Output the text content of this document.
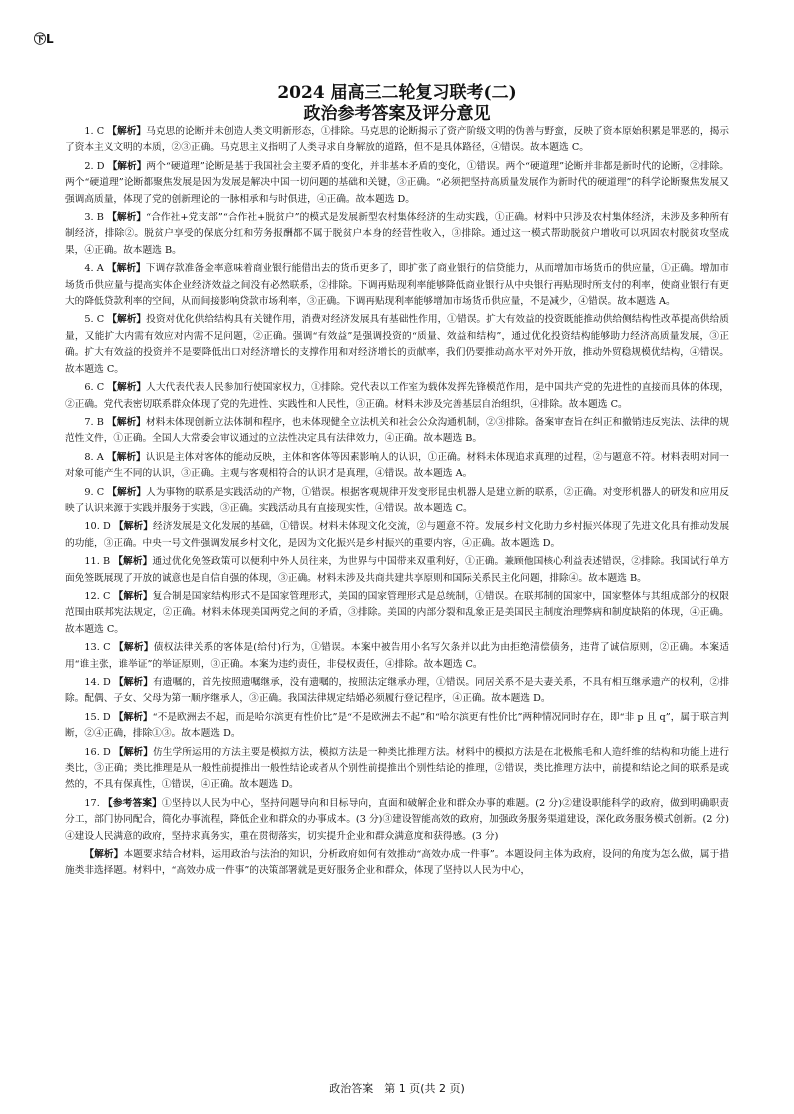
㊦L
2024 届高三二轮复习联考(二)
政治参考答案及评分意见

1. C 【解析】马克思的论断并未创造人类文明新形态，①排除。马克思的论断揭示了资产阶级文明的伪善与野蛮，反映了资本原始积累是罪恶的，揭示了资本主义文明的本质，②③正确。马克思主义指明了人类寻求自身解放的道路，但不是具体路径，④错误。故本题选 C。

2. D 【解析】两个“硬道理”论断是基于我国社会主要矛盾的变化，并非基本矛盾的变化，①错误。两个“硬道理”论断并非都是新时代的论断，②排除。两个“硬道理”论断都聚焦发展是因为发展是解决中国一切问题的基础和关键，③正确。“必须把坚持高质量发展作为新时代的硬道理”的科学论断聚焦发展又强调高质量，体现了党的创新理论的一脉相承和与时俱进，④正确。故本题选 D。

3. B 【解析】“合作社+党支部”“合作社+脱贫户”的模式是发展新型农村集体经济的生动实践，①正确。材料中只涉及农村集体经济，未涉及多种所有制经济，排除②。脱贫户享受的保底分红和劳务报酬都不属于脱贫户本身的经营性收入，③排除。通过这一模式帮助脱贫户增收可以巩固农村脱贫攻坚成果，④正确。故本题选 B。

4. A 【解析】下调存款准备金率意味着商业银行能借出去的货币更多了，即扩张了商业银行的信贷能力，从而增加市场货币的供应量，①正确。增加市场货币供应量与提高实体企业经济效益之间没有必然联系，②排除。下调再贴现利率能够降低商业银行从中央银行再贴现时所支付的利率，使商业银行有更大的降低贷款利率的空间，从而间接影响贷款市场利率，③正确。下调再贴现利率能够增加市场货币供应量，不是减少，④错误。故本题选 A。

5. C 【解析】投资对优化供给结构具有关键作用，消费对经济发展具有基础性作用，①错误。扩大有效益的投资既能推动供给侧结构性改革提高供给质量，又能扩大内需有效应对内需不足问题，②正确。强调“有效益”是强调投资的“质量、效益和结构”，通过优化投资结构能够助力经济高质量发展，③正确。扩大有效益的投资并不是要降低出口对经济增长的支撑作用和对经济增长的贡献率，我们仍要推动高水平对外开放，推动外贸稳规模优结构，④错误。故本题选 C。

6. C 【解析】人大代表代表人民参加行使国家权力，①排除。党代表以工作室为载体发挥先锋模范作用，是中国共产党的先进性的直接而具体的体现，②正确。党代表密切联系群众体现了党的先进性、实践性和人民性，③正确。材料未涉及完善基层自治组织，④排除。故本题选 C。

7. B 【解析】材料未体现创新立法体制和程序，也未体现健全立法机关和社会公众沟通机制，②③排除。备案审查旨在纠正和撤销违反宪法、法律的规范性文件，①正确。全国人大常委会审议通过的立法性决定具有法律效力，④正确。故本题选 B。

8. A 【解析】认识是主体对客体的能动反映，主体和客体等因素影响人的认识，①正确。材料未体现追求真理的过程，②与题意不符。材料表明对同一对象可能产生不同的认识，③正确。主观与客观相符合的认识才是真理，④错误。故本题选 A。

9. C 【解析】人为事物的联系是实践活动的产物，①错误。根据客观规律开发变形昆虫机器人是建立新的联系，②正确。对变形机器人的研发和应用反映了认识来源于实践并服务于实践，③正确。实践活动具有直接现实性，④错误。故本题选 C。

10. D 【解析】经济发展是文化发展的基础，①错误。材料未体现文化交流，②与题意不符。发展乡村文化助力乡村振兴体现了先进文化具有推动发展的功能，③正确。中央一号文件强调发展乡村文化，是因为文化振兴是乡村振兴的重要内容，④正确。故本题选 D。

11. B 【解析】通过优化免签政策可以便利中外人员往来，为世界与中国带来双重利好，①正确。兼顾他国核心利益表述错误，②排除。我国试行单方面免签既展现了开放的诚意也是自信自强的体现，③正确。材料未涉及共商共建共享原则和国际关系民主化问题，排除④。故本题选 B。

12. C 【解析】复合制是国家结构形式不是国家管理形式，美国的国家管理形式是总统制，①错误。在联邦制的国家中，国家整体与其组成部分的权限范围由联邦宪法规定，②正确。材料未体现美国两党之间的矛盾，③排除。美国的内部分裂和乱象正是美国民主制度治理弊病和制度缺陷的体现，④正确。故本题选 C。

13. C 【解析】债权法律关系的客体是(给付)行为，①错误。本案中被告用小名写欠条并以此为由拒绝清偿债务，违背了诚信原则，②正确。本案适用“谁主张，谁举证”的举证原则，③正确。本案为违约责任，非侵权责任，④排除。故本题选 C。

14. D 【解析】有遗嘱的，首先按照遗嘱继承，没有遗嘱的，按照法定继承办理，①错误。同居关系不是夫妻关系，不具有相互继承遗产的权利，②排除。配偶、子女、父母为第一顺序继承人，③正确。我国法律规定结婚必须履行登记程序，④正确。故本题选 D。

15. D 【解析】“不是欧洲去不起，而是哈尔滨更有性价比”是“不是欧洲去不起”和“哈尔滨更有性价比”两种情况同时存在，即“非 p 且 q”，属于联言判断，②④正确，排除①③。故本题选 D。

16. D 【解析】仿生学所运用的方法主要是模拟方法，模拟方法是一种类比推理方法。材料中的模拟方法是在北极熊毛和人造纤维的结构和功能上进行类比，③正确；类比推理是从一般性前提推出一般性结论或者从个别性前提推出个别性结论的推理，②错误，类比推理方法中，前提和结论之间的联系是或然的，不具有保真性，①错误，④正确。故本题选 D。

17. 【参考答案】①坚持以人民为中心，坚持问题导向和目标导向，直面和破解企业和群众办事的难题。(2 分)②建设职能科学的政府，做到明确职责分工，部门协同配合，简化办事流程，降低企业和群众的办事成本。(3 分)③建设智能高效的政府，加强政务服务渠道建设，深化政务服务模式创新。(2 分)④建设人民满意的政府，坚持求真务实，重在贯彻落实，切实提升企业和群众满意度和获得感。(3 分)

【解析】本题要求结合材料，运用政治与法治的知识，分析政府如何有效推动“高效办成一件事”。本题设问主体为政府，设问的角度为怎么做，属于措施类非选择题。材料中，“高效办成一件事”的决策部署就是更好服务企业和群众，体现了坚持以人民为中心，

政治答案　第 1 页(共 2 页)
